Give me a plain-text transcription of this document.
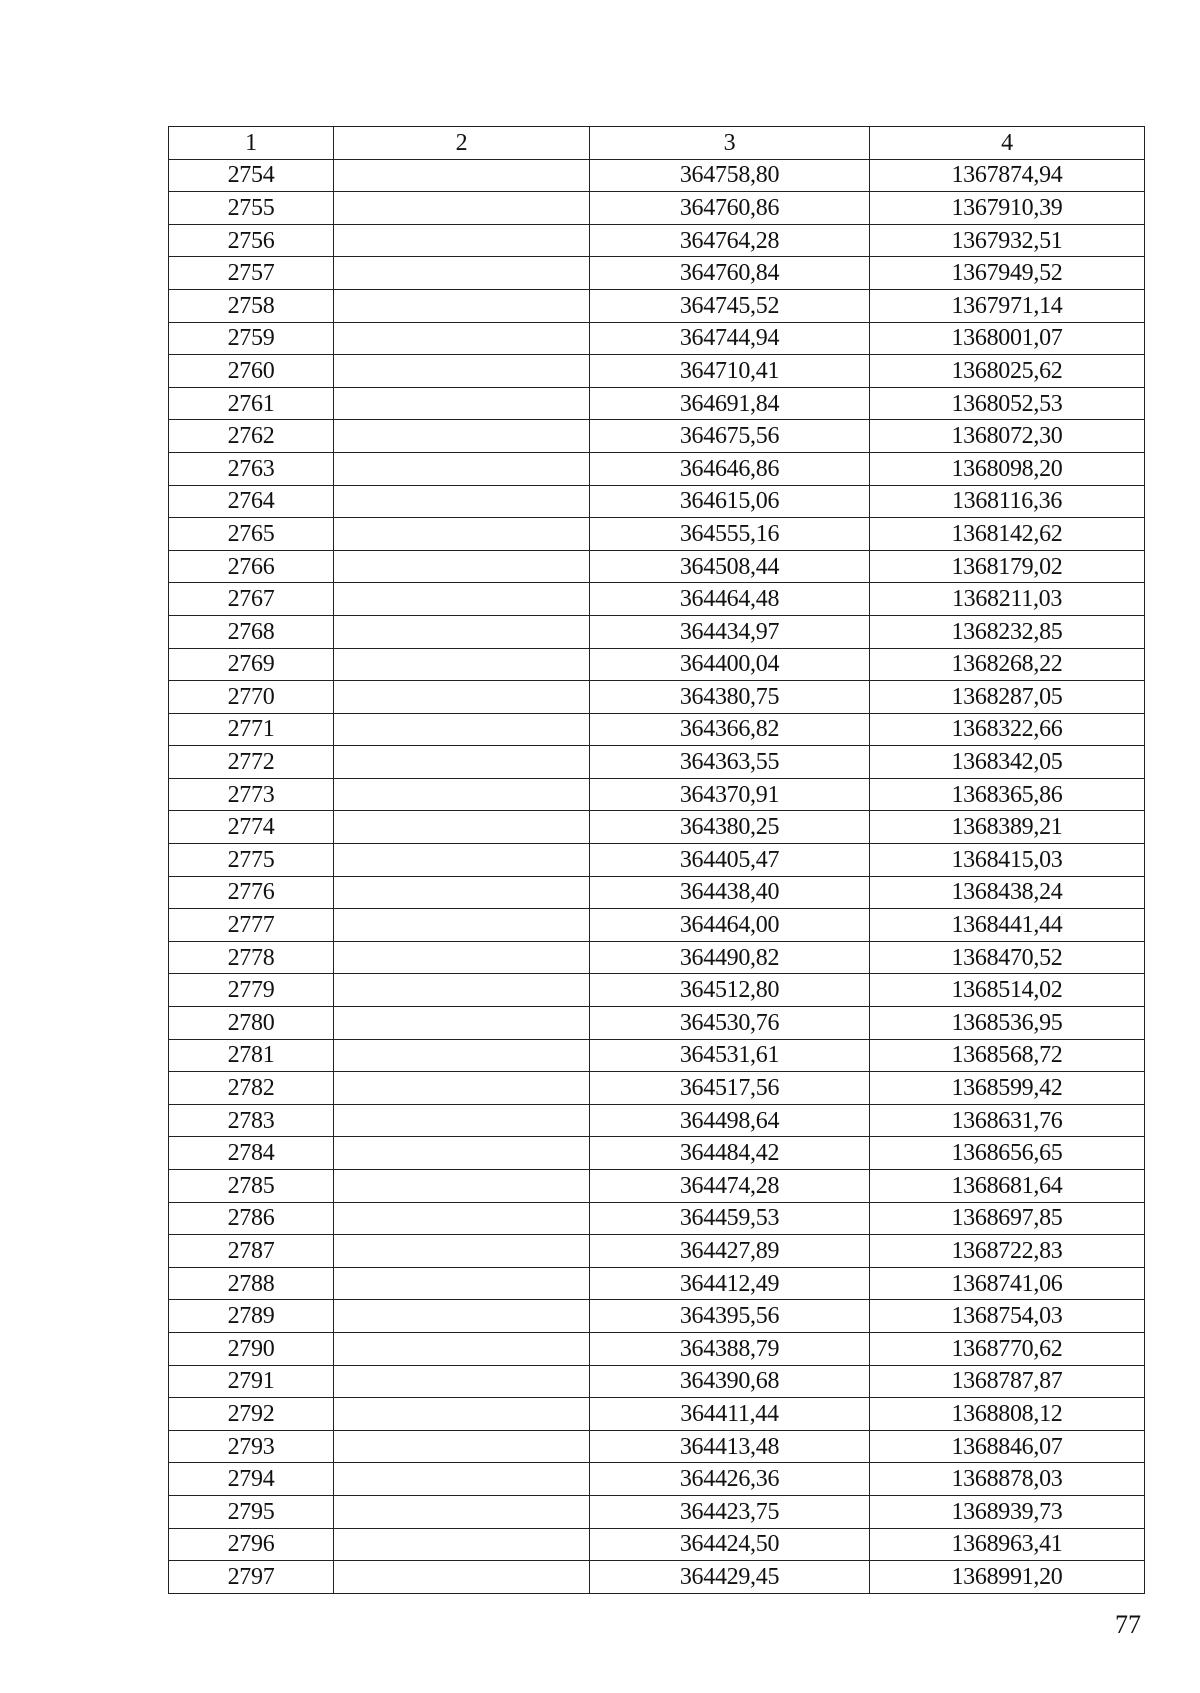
1	2	3	4
2754		364758,80	1367874,94
2755		364760,86	1367910,39
2756		364764,28	1367932,51
2757		364760,84	1367949,52
2758		364745,52	1367971,14
2759		364744,94	1368001,07
2760		364710,41	1368025,62
2761		364691,84	1368052,53
2762		364675,56	1368072,30
2763		364646,86	1368098,20
2764		364615,06	1368116,36
2765		364555,16	1368142,62
2766		364508,44	1368179,02
2767		364464,48	1368211,03
2768		364434,97	1368232,85
2769		364400,04	1368268,22
2770		364380,75	1368287,05
2771		364366,82	1368322,66
2772		364363,55	1368342,05
2773		364370,91	1368365,86
2774		364380,25	1368389,21
2775		364405,47	1368415,03
2776		364438,40	1368438,24
2777		364464,00	1368441,44
2778		364490,82	1368470,52
2779		364512,80	1368514,02
2780		364530,76	1368536,95
2781		364531,61	1368568,72
2782		364517,56	1368599,42
2783		364498,64	1368631,76
2784		364484,42	1368656,65
2785		364474,28	1368681,64
2786		364459,53	1368697,85
2787		364427,89	1368722,83
2788		364412,49	1368741,06
2789		364395,56	1368754,03
2790		364388,79	1368770,62
2791		364390,68	1368787,87
2792		364411,44	1368808,12
2793		364413,48	1368846,07
2794		364426,36	1368878,03
2795		364423,75	1368939,73
2796		364424,50	1368963,41
2797		364429,45	1368991,20
77
